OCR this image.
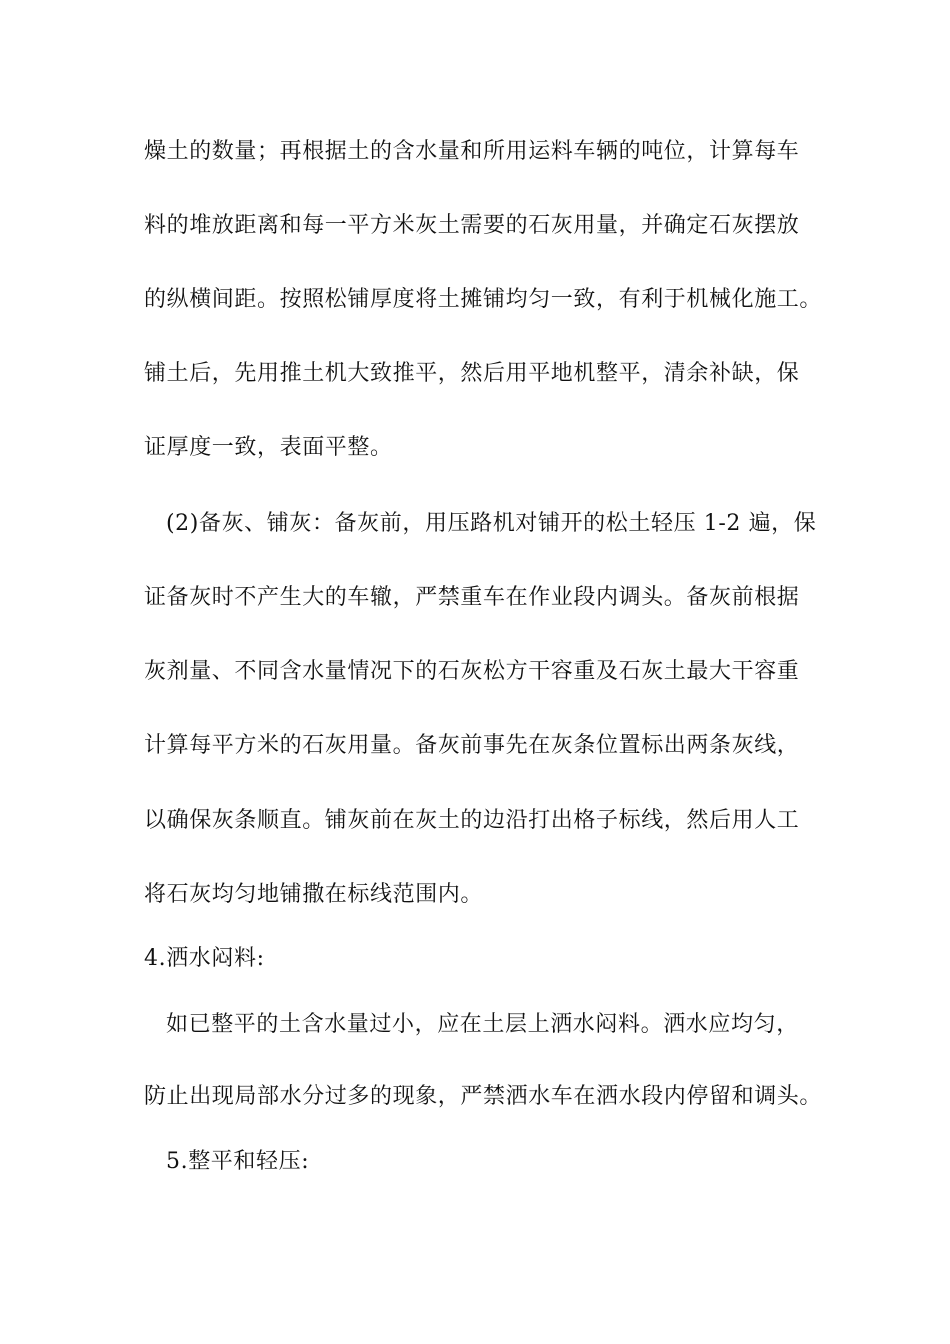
燥土的数量；再根据土的含水量和所用运料车辆的吨位，计算每车
料的堆放距离和每一平方米灰土需要的石灰用量，并确定石灰摆放
的纵横间距。按照松铺厚度将土摊铺均匀一致，有利于机械化施工。
铺土后，先用推土机大致推平，然后用平地机整平，清余补缺，保
证厚度一致，表面平整。
(2)备灰、铺灰：备灰前，用压路机对铺开的松土轻压 1-2 遍，保
证备灰时不产生大的车辙，严禁重车在作业段内调头。备灰前根据
灰剂量、不同含水量情况下的石灰松方干容重及石灰土最大干容重
计算每平方米的石灰用量。备灰前事先在灰条位置标出两条灰线，
以确保灰条顺直。铺灰前在灰土的边沿打出格子标线，然后用人工
将石灰均匀地铺撒在标线范围内。
4.洒水闷料:
如已整平的土含水量过小，应在土层上洒水闷料。洒水应均匀，
防止出现局部水分过多的现象，严禁洒水车在洒水段内停留和调头。
5.整平和轻压:
